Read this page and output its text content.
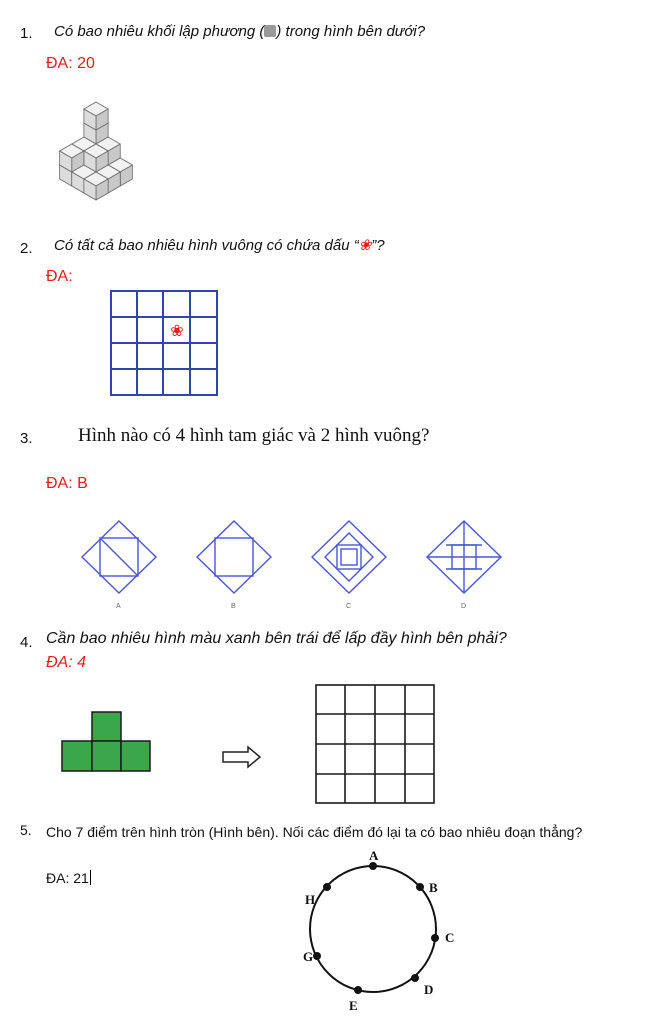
1. Có bao nhiêu khối lập phương ( ) trong hình bên dưới?
ĐA: 20
2. Có tất cả bao nhiêu hình vuông có chứa dấu “❀”?
ĐA:
❀
3. Hình nào có 4 hình tam giác và 2 hình vuông?
ĐA: B
A	B	C	D
4. Cần bao nhiêu hình màu xanh bên trái để lấp đầy hình bên phải?
ĐA: 4
5. Cho 7 điểm trên hình tròn (Hình bên). Nối các điểm đó lại ta có bao nhiêu đoạn thẳng?
ĐA: 21
A
B
C
D
E
G
H
